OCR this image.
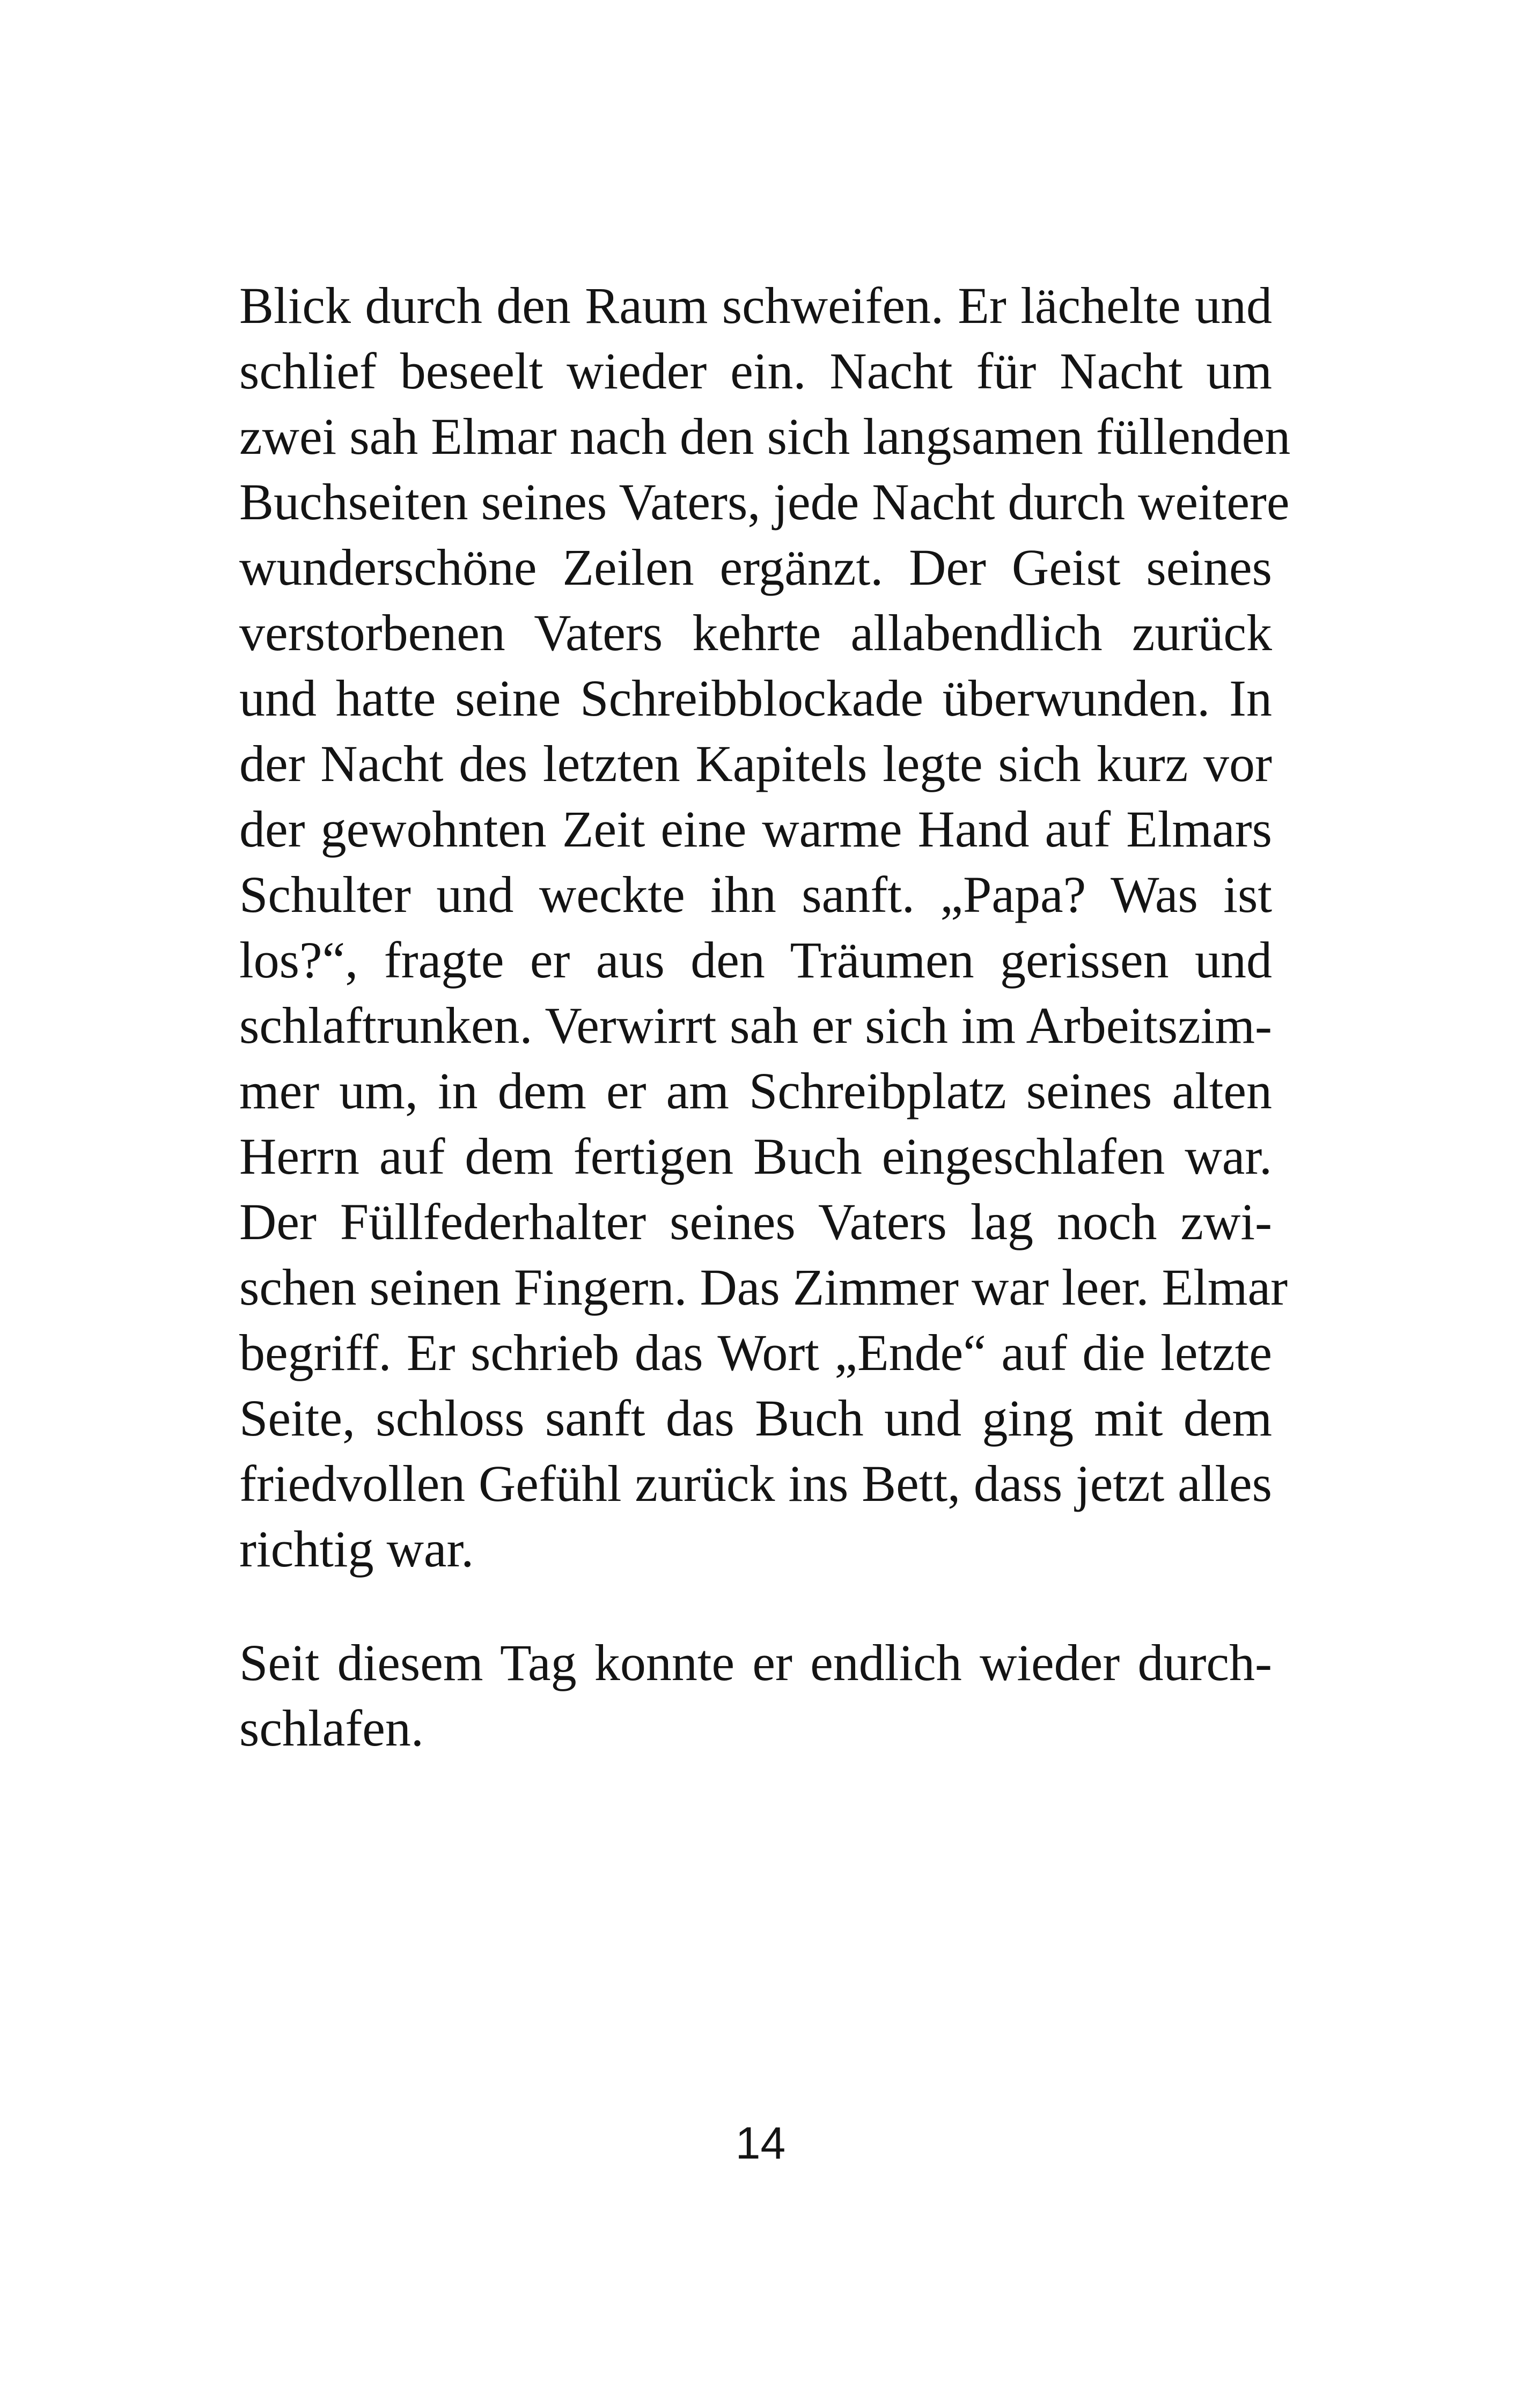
Blick durch den Raum schweifen. Er lächelte und
schlief beseelt wieder ein. Nacht für Nacht um
zwei sah Elmar nach den sich langsamen füllenden
Buchseiten seines Vaters, jede Nacht durch weitere
wunderschöne Zeilen ergänzt. Der Geist seines
verstorbenen Vaters kehrte allabendlich zurück
und hatte seine Schreibblockade überwunden. In
der Nacht des letzten Kapitels legte sich kurz vor
der gewohnten Zeit eine warme Hand auf Elmars
Schulter und weckte ihn sanft. „Papa? Was ist
los?“, fragte er aus den Träumen gerissen und
schlaftrunken. Verwirrt sah er sich im Arbeitszim-
mer um, in dem er am Schreibplatz seines alten
Herrn auf dem fertigen Buch eingeschlafen war.
Der Füllfederhalter seines Vaters lag noch zwi-
schen seinen Fingern. Das Zimmer war leer. Elmar
begriff. Er schrieb das Wort „Ende“ auf die letzte
Seite, schloss sanft das Buch und ging mit dem
friedvollen Gefühl zurück ins Bett, dass jetzt alles
richtig war.
Seit diesem Tag konnte er endlich wieder durch-
schlafen.
14
